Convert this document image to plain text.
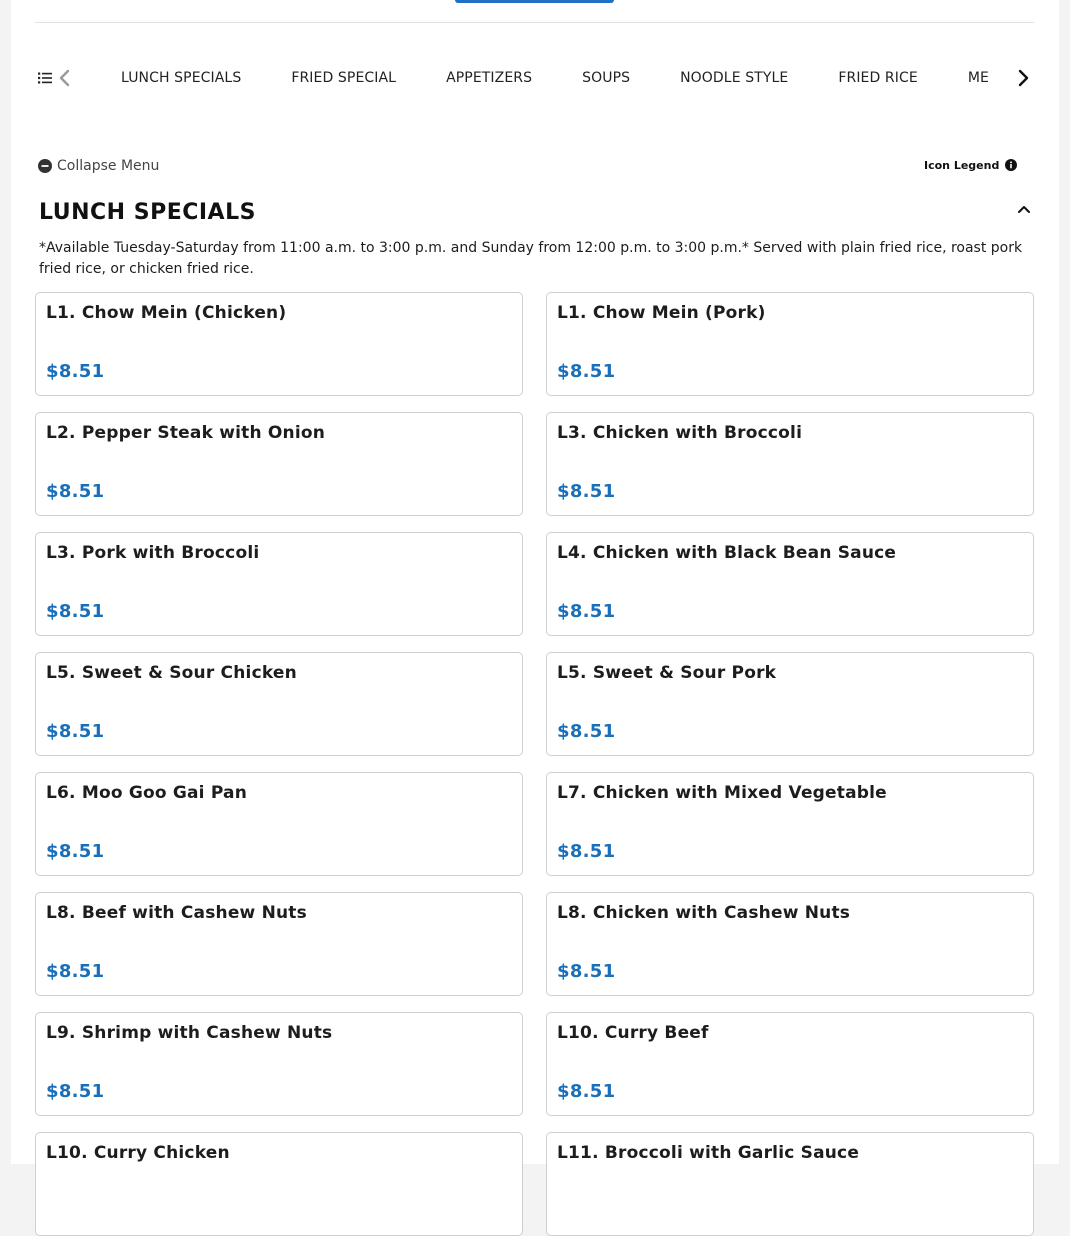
LUNCH SPECIALS	FRIED SPECIAL	APPETIZERS	SOUPS	NOODLE STYLE	FRIED RICE	ME
Collapse Menu	Icon Legend
LUNCH SPECIALS

*Available Tuesday-Saturday from 11:00 a.m. to 3:00 p.m. and Sunday from 12:00 p.m. to 3:00 p.m.* Served with plain fried rice, roast pork fried rice, or chicken fried rice.

L1. Chow Mein (Chicken)
$8.51
L1. Chow Mein (Pork)
$8.51
L2. Pepper Steak with Onion
$8.51
L3. Chicken with Broccoli
$8.51
L3. Pork with Broccoli
$8.51
L4. Chicken with Black Bean Sauce
$8.51
L5. Sweet & Sour Chicken
$8.51
L5. Sweet & Sour Pork
$8.51
L6. Moo Goo Gai Pan
$8.51
L7. Chicken with Mixed Vegetable
$8.51
L8. Beef with Cashew Nuts
$8.51
L8. Chicken with Cashew Nuts
$8.51
L9. Shrimp with Cashew Nuts
$8.51
L10. Curry Beef
$8.51
L10. Curry Chicken	L11. Broccoli with Garlic Sauce
